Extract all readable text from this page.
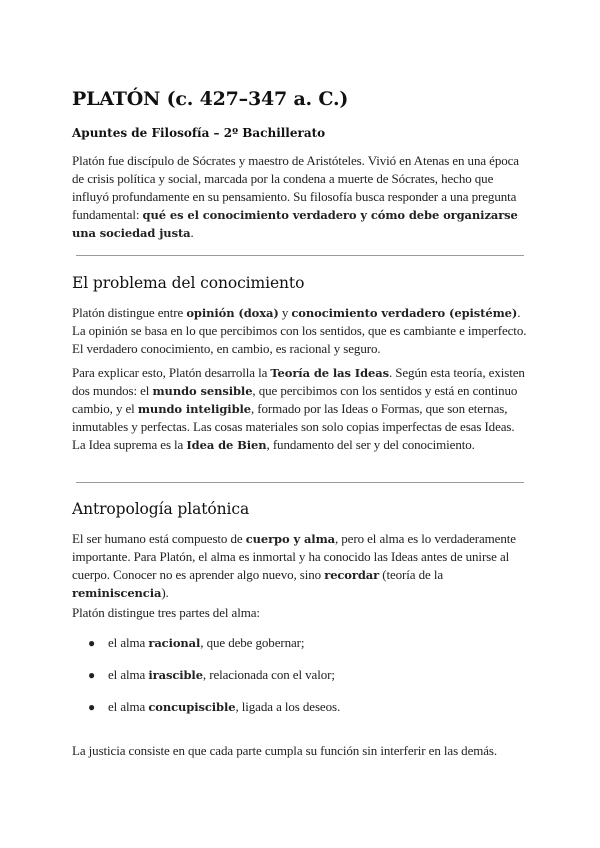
PLATÓN (c. 427–347 a. C.)
Apuntes de Filosofía – 2º Bachillerato

Platón fue discípulo de Sócrates y maestro de Aristóteles. Vivió en Atenas en una época de crisis política y social, marcada por la condena a muerte de Sócrates, hecho que influyó profundamente en su pensamiento. Su filosofía busca responder a una pregunta fundamental: qué es el conocimiento verdadero y cómo debe organizarse una sociedad justa.

El problema del conocimiento

Platón distingue entre opinión (doxa) y conocimiento verdadero (epistéme). La opinión se basa en lo que percibimos con los sentidos, que es cambiante e imperfecto. El verdadero conocimiento, en cambio, es racional y seguro.

Para explicar esto, Platón desarrolla la Teoría de las Ideas. Según esta teoría, existen dos mundos: el mundo sensible, que percibimos con los sentidos y está en continuo cambio, y el mundo inteligible, formado por las Ideas o Formas, que son eternas, inmutables y perfectas. Las cosas materiales son solo copias imperfectas de esas Ideas. La Idea suprema es la Idea de Bien, fundamento del ser y del conocimiento.

Antropología platónica

El ser humano está compuesto de cuerpo y alma, pero el alma es lo verdaderamente importante. Para Platón, el alma es inmortal y ha conocido las Ideas antes de unirse al cuerpo. Conocer no es aprender algo nuevo, sino recordar (teoría de la reminiscencia).

Platón distingue tres partes del alma:

● el alma racional, que debe gobernar;
● el alma irascible, relacionada con el valor;
● el alma concupiscible, ligada a los deseos.

La justicia consiste en que cada parte cumpla su función sin interferir en las demás.
